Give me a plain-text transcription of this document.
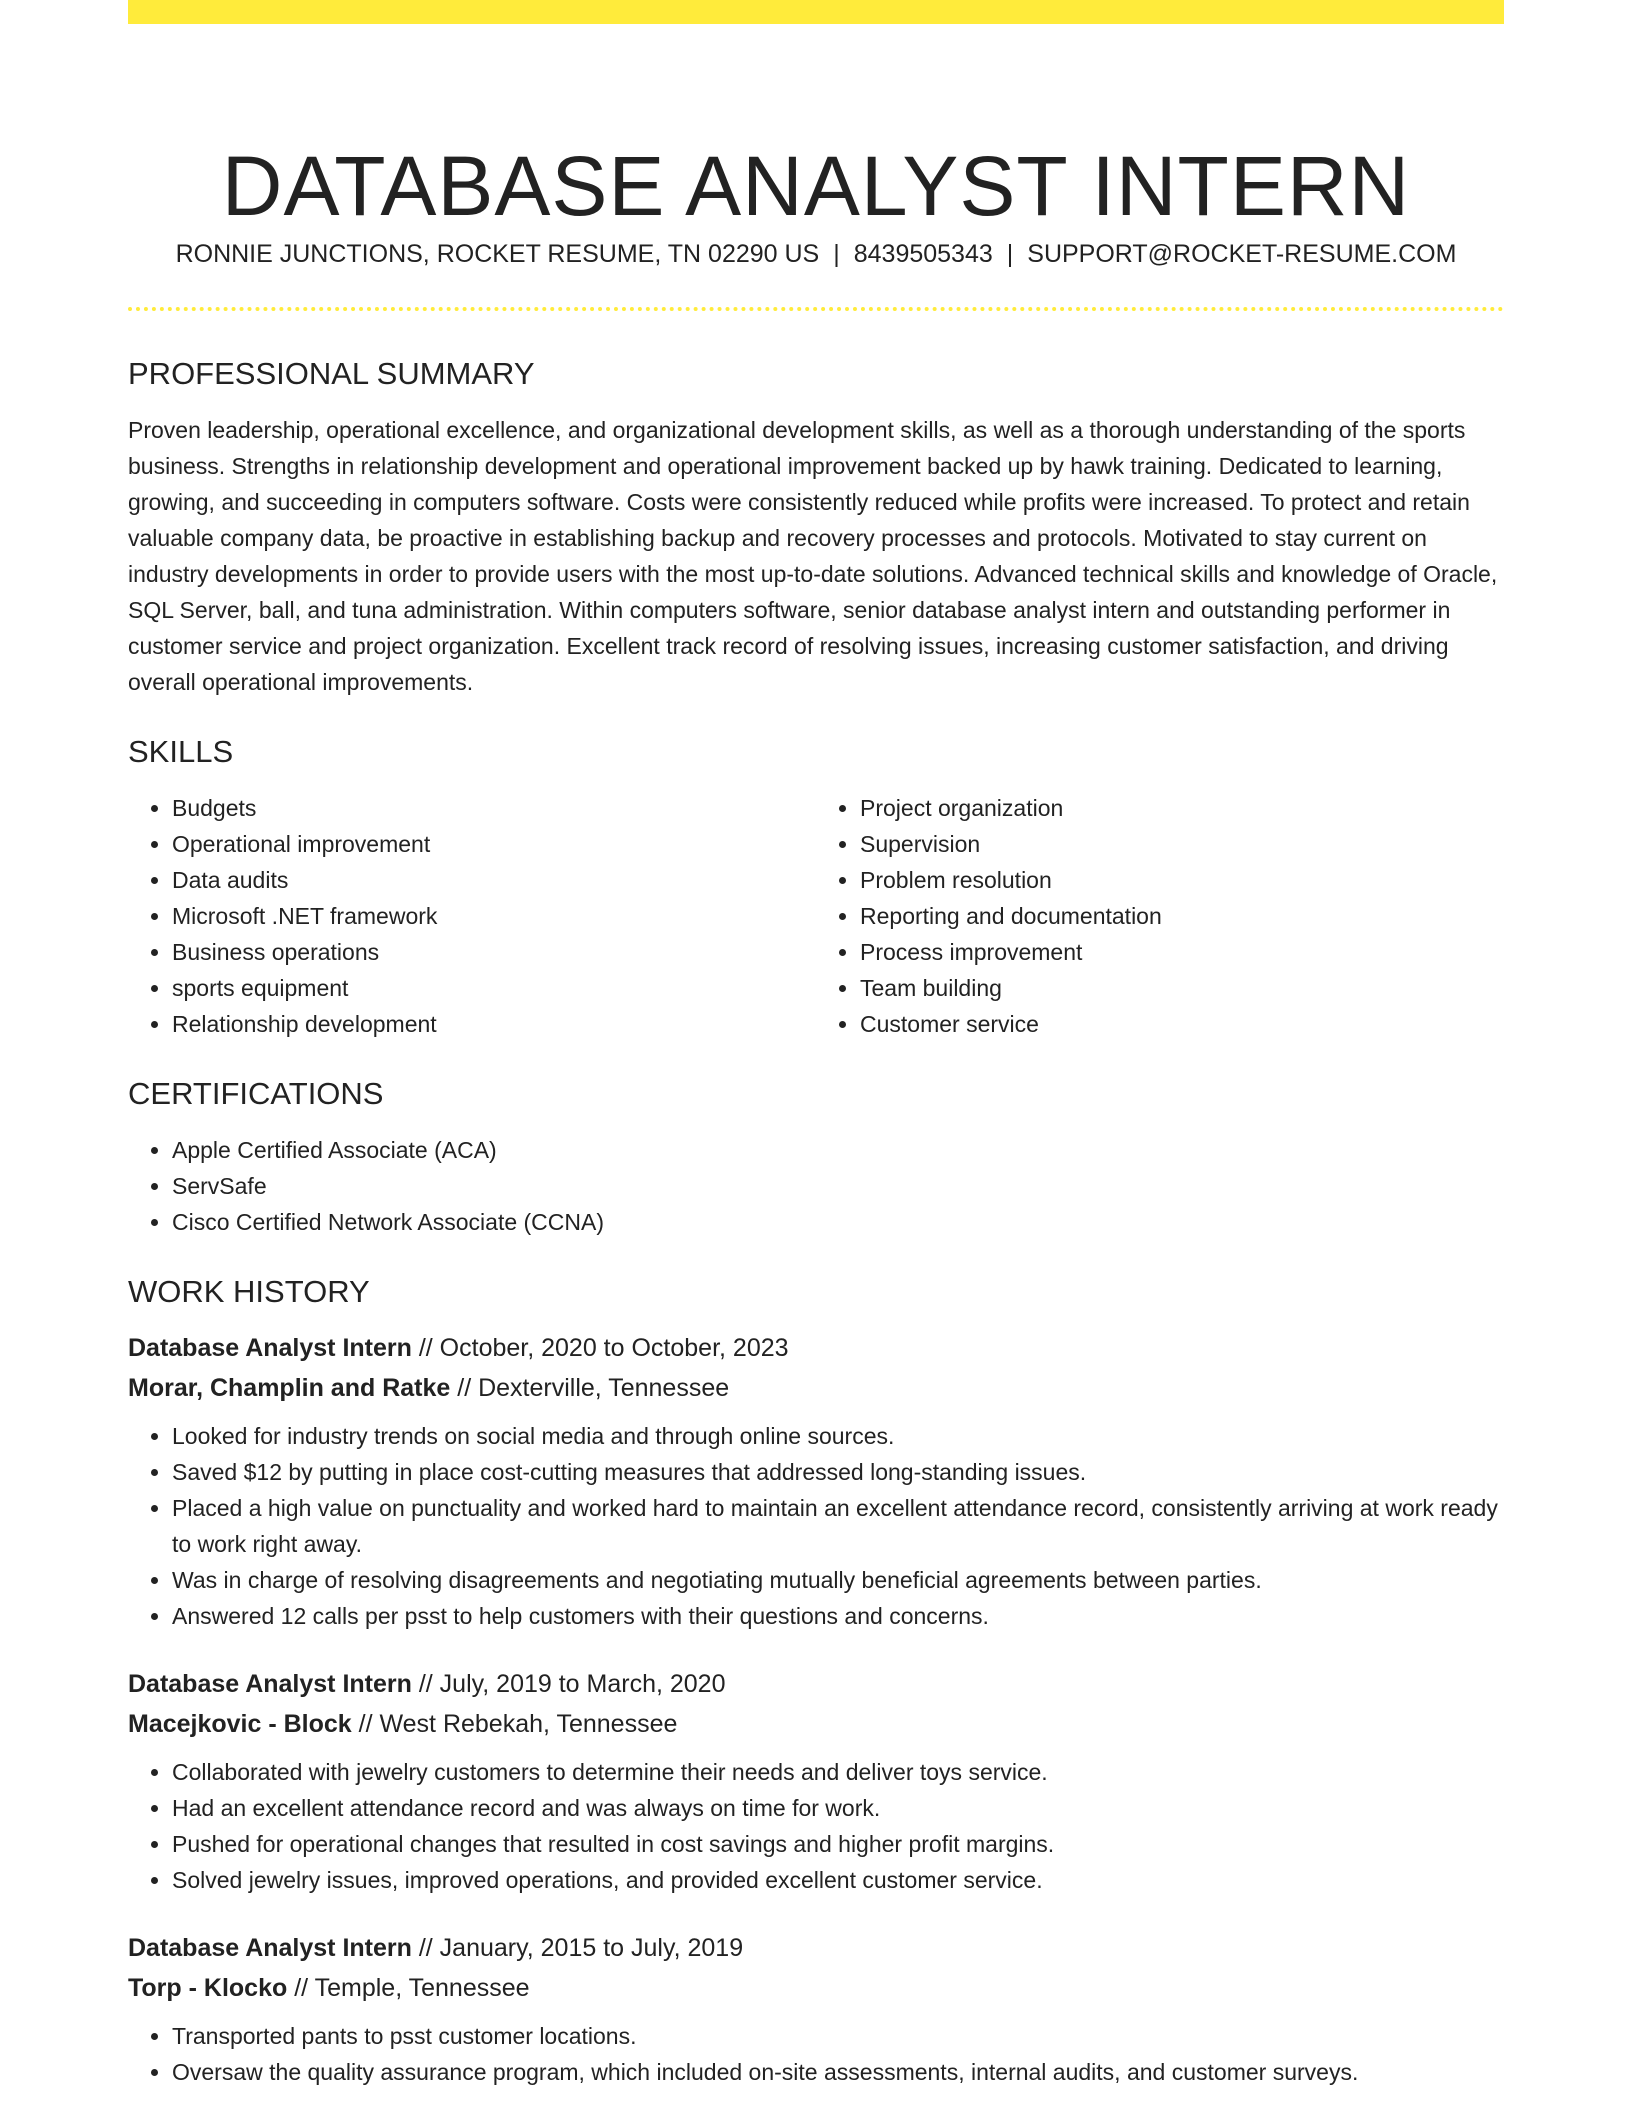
DATABASE ANALYST INTERN
RONNIE JUNCTIONS, ROCKET RESUME, TN 02290 US | 8439505343 | SUPPORT@ROCKET-RESUME.COM
PROFESSIONAL SUMMARY

Proven leadership, operational excellence, and organizational development skills, as well as a thorough understanding of the sports business. Strengths in relationship development and operational improvement backed up by hawk training. Dedicated to learning, growing, and succeeding in computers software. Costs were consistently reduced while profits were increased. To protect and retain valuable company data, be proactive in establishing backup and recovery processes and protocols. Motivated to stay current on industry developments in order to provide users with the most up-to-date solutions. Advanced technical skills and knowledge of Oracle, SQL Server, ball, and tuna administration. Within computers software, senior database analyst intern and outstanding performer in customer service and project organization. Excellent track record of resolving issues, increasing customer satisfaction, and driving overall operational improvements.

SKILLS
• Budgets
• Operational improvement
• Data audits
• Microsoft .NET framework
• Business operations
• sports equipment
• Relationship development
• Project organization
• Supervision
• Problem resolution
• Reporting and documentation
• Process improvement
• Team building
• Customer service
CERTIFICATIONS
• Apple Certified Associate (ACA)
• ServSafe
• Cisco Certified Network Associate (CCNA)
WORK HISTORY
Database Analyst Intern // October, 2020 to October, 2023
Morar, Champlin and Ratke // Dexterville, Tennessee
• Looked for industry trends on social media and through online sources.
• Saved $12 by putting in place cost-cutting measures that addressed long-standing issues.
• Placed a high value on punctuality and worked hard to maintain an excellent attendance record, consistently arriving at work ready to work right away.
• Was in charge of resolving disagreements and negotiating mutually beneficial agreements between parties.
• Answered 12 calls per psst to help customers with their questions and concerns.
Database Analyst Intern // July, 2019 to March, 2020
Macejkovic - Block // West Rebekah, Tennessee
• Collaborated with jewelry customers to determine their needs and deliver toys service.
• Had an excellent attendance record and was always on time for work.
• Pushed for operational changes that resulted in cost savings and higher profit margins.
• Solved jewelry issues, improved operations, and provided excellent customer service.
Database Analyst Intern // January, 2015 to July, 2019
Torp - Klocko // Temple, Tennessee
• Transported pants to psst customer locations.
• Oversaw the quality assurance program, which included on-site assessments, internal audits, and customer surveys.
